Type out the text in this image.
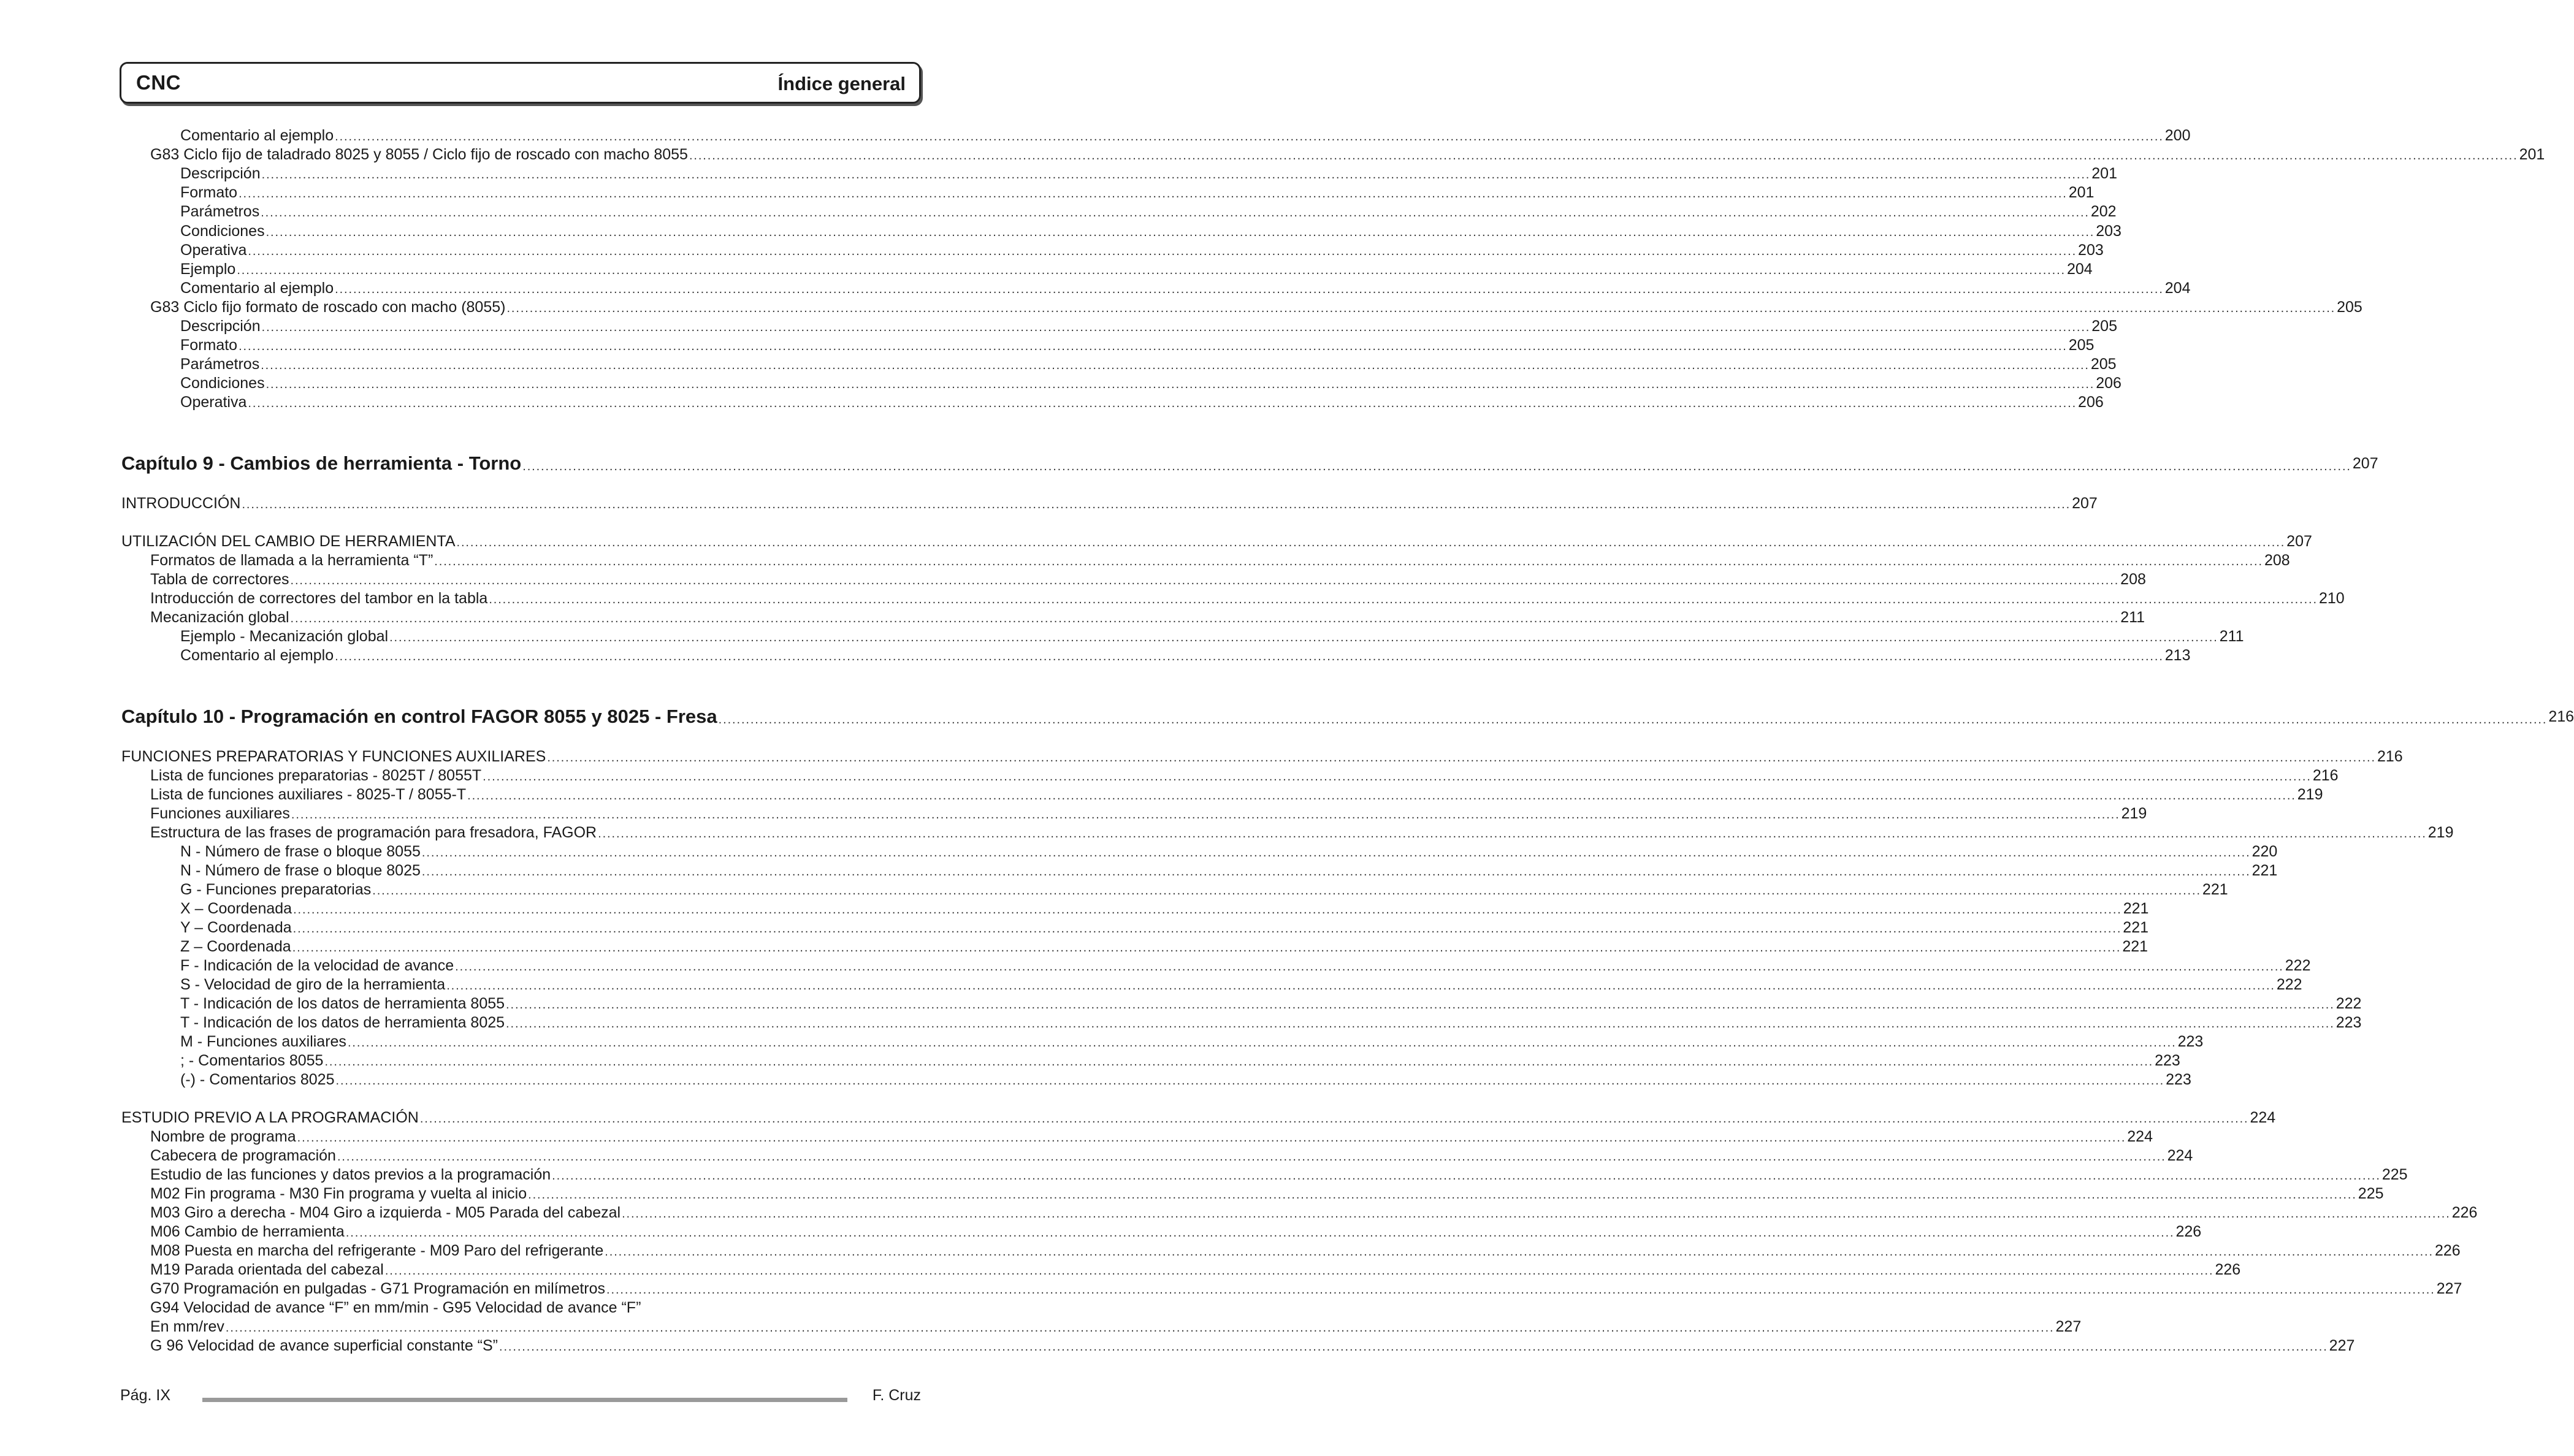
CNC	Índice general
Comentario al ejemplo ................................................................................................................................................................................................................................................................................................................................................................................................................ 200
G83 Ciclo fijo de taladrado 8025 y 8055 / Ciclo fijo de roscado con macho 8055 ................................................................................................................................................................................................................................................................................................................................................................................................................ 201
Descripción ................................................................................................................................................................................................................................................................................................................................................................................................................ 201
Formato ................................................................................................................................................................................................................................................................................................................................................................................................................ 201
Parámetros ................................................................................................................................................................................................................................................................................................................................................................................................................ 202
Condiciones ................................................................................................................................................................................................................................................................................................................................................................................................................ 203
Operativa ................................................................................................................................................................................................................................................................................................................................................................................................................ 203
Ejemplo ................................................................................................................................................................................................................................................................................................................................................................................................................ 204
Comentario al ejemplo ................................................................................................................................................................................................................................................................................................................................................................................................................ 204
G83 Ciclo fijo formato de roscado con macho (8055) ................................................................................................................................................................................................................................................................................................................................................................................................................ 205
Descripción ................................................................................................................................................................................................................................................................................................................................................................................................................ 205
Formato ................................................................................................................................................................................................................................................................................................................................................................................................................ 205
Parámetros ................................................................................................................................................................................................................................................................................................................................................................................................................ 205
Condiciones ................................................................................................................................................................................................................................................................................................................................................................................................................ 206
Operativa ................................................................................................................................................................................................................................................................................................................................................................................................................ 206
Capítulo 9 - Cambios de herramienta - Torno ................................................................................................................................................................................................................................................................................................................................................................................................................ 207
INTRODUCCIÓN ................................................................................................................................................................................................................................................................................................................................................................................................................ 207
UTILIZACIÓN DEL CAMBIO DE HERRAMIENTA ................................................................................................................................................................................................................................................................................................................................................................................................................ 207
Formatos de llamada a la herramienta “T” ................................................................................................................................................................................................................................................................................................................................................................................................................ 208
Tabla de correctores ................................................................................................................................................................................................................................................................................................................................................................................................................ 208
Introducción de correctores del tambor en la tabla ................................................................................................................................................................................................................................................................................................................................................................................................................ 210
Mecanización global ................................................................................................................................................................................................................................................................................................................................................................................................................ 211
Ejemplo - Mecanización global ................................................................................................................................................................................................................................................................................................................................................................................................................ 211
Comentario al ejemplo ................................................................................................................................................................................................................................................................................................................................................................................................................ 213
Capítulo 10 - Programación en control FAGOR 8055 y 8025 - Fresa ................................................................................................................................................................................................................................................................................................................................................................................................................ 216
FUNCIONES PREPARATORIAS Y FUNCIONES AUXILIARES ................................................................................................................................................................................................................................................................................................................................................................................................................ 216
Lista de funciones preparatorias - 8025T / 8055T ................................................................................................................................................................................................................................................................................................................................................................................................................ 216
Lista de funciones auxiliares - 8025-T / 8055-T ................................................................................................................................................................................................................................................................................................................................................................................................................ 219
Funciones auxiliares ................................................................................................................................................................................................................................................................................................................................................................................................................ 219
Estructura de las frases de programación para fresadora, FAGOR ................................................................................................................................................................................................................................................................................................................................................................................................................ 219
N - Número de frase o bloque 8055 ................................................................................................................................................................................................................................................................................................................................................................................................................ 220
N - Número de frase o bloque 8025 ................................................................................................................................................................................................................................................................................................................................................................................................................ 221
G - Funciones preparatorias ................................................................................................................................................................................................................................................................................................................................................................................................................ 221
X – Coordenada ................................................................................................................................................................................................................................................................................................................................................................................................................ 221
Y – Coordenada ................................................................................................................................................................................................................................................................................................................................................................................................................ 221
Z – Coordenada ................................................................................................................................................................................................................................................................................................................................................................................................................ 221
F - Indicación de la velocidad de avance ................................................................................................................................................................................................................................................................................................................................................................................................................ 222
S - Velocidad de giro de la herramienta ................................................................................................................................................................................................................................................................................................................................................................................................................ 222
T - Indicación de los datos de herramienta 8055 ................................................................................................................................................................................................................................................................................................................................................................................................................ 222
T - Indicación de los datos de herramienta 8025 ................................................................................................................................................................................................................................................................................................................................................................................................................ 223
M - Funciones auxiliares ................................................................................................................................................................................................................................................................................................................................................................................................................ 223
; - Comentarios 8055 ................................................................................................................................................................................................................................................................................................................................................................................................................ 223
(-) - Comentarios 8025 ................................................................................................................................................................................................................................................................................................................................................................................................................ 223
ESTUDIO PREVIO A LA PROGRAMACIÓN ................................................................................................................................................................................................................................................................................................................................................................................................................ 224
Nombre de programa ................................................................................................................................................................................................................................................................................................................................................................................................................ 224
Cabecera de programación ................................................................................................................................................................................................................................................................................................................................................................................................................ 224
Estudio de las funciones y datos previos a la programación ................................................................................................................................................................................................................................................................................................................................................................................................................ 225
M02 Fin programa - M30 Fin programa y vuelta al inicio ................................................................................................................................................................................................................................................................................................................................................................................................................ 225
M03 Giro a derecha - M04 Giro a izquierda - M05 Parada del cabezal ................................................................................................................................................................................................................................................................................................................................................................................................................ 226
M06 Cambio de herramienta ................................................................................................................................................................................................................................................................................................................................................................................................................ 226
M08 Puesta en marcha del refrigerante - M09 Paro del refrigerante ................................................................................................................................................................................................................................................................................................................................................................................................................ 226
M19 Parada orientada del cabezal ................................................................................................................................................................................................................................................................................................................................................................................................................ 226
G70 Programación en pulgadas - G71 Programación en milímetros ................................................................................................................................................................................................................................................................................................................................................................................................................ 227
G94 Velocidad de avance “F” en mm/min - G95 Velocidad de avance “F”
En mm/rev ................................................................................................................................................................................................................................................................................................................................................................................................................ 227
G 96 Velocidad de avance superficial constante “S” ................................................................................................................................................................................................................................................................................................................................................................................................................ 227
Pág. IX	F. Cruz
